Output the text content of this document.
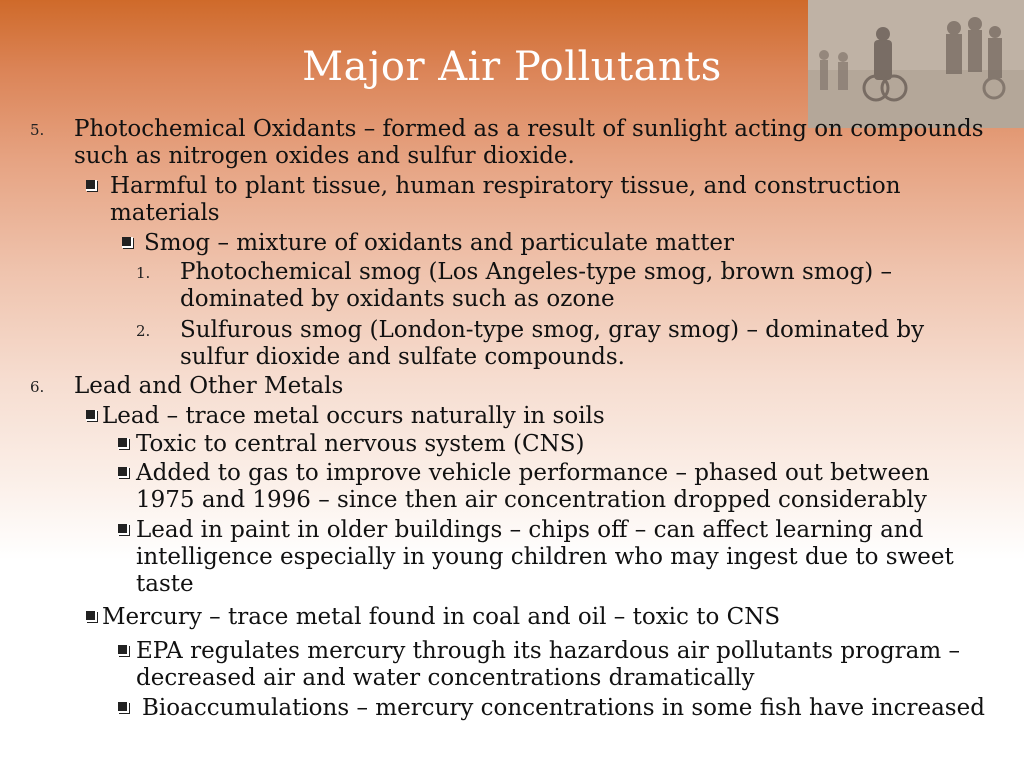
Major Air Pollutants
5. Photochemical Oxidants – formed as a result of sunlight acting on compounds
such as nitrogen oxides and sulfur dioxide.
Harmful to plant tissue, human respiratory tissue, and construction
materials
Smog – mixture of oxidants and particulate matter
1. Photochemical smog (Los Angeles-type smog, brown smog) –
dominated by oxidants such as ozone
2. Sulfurous smog (London-type smog, gray smog) – dominated by
sulfur dioxide and sulfate compounds.
6. Lead and Other Metals
Lead – trace metal occurs naturally in soils
Toxic to central nervous system (CNS)
Added to gas to improve vehicle performance – phased out between
1975 and 1996 – since then air concentration dropped considerably
Lead in paint in older buildings – chips off – can affect learning and
intelligence especially in young children who may ingest due to sweet
taste
Mercury – trace metal found in coal and oil – toxic to CNS
EPA regulates mercury through its hazardous air pollutants program –
decreased air and water concentrations dramatically
Bioaccumulations – mercury concentrations in some fish have increased
